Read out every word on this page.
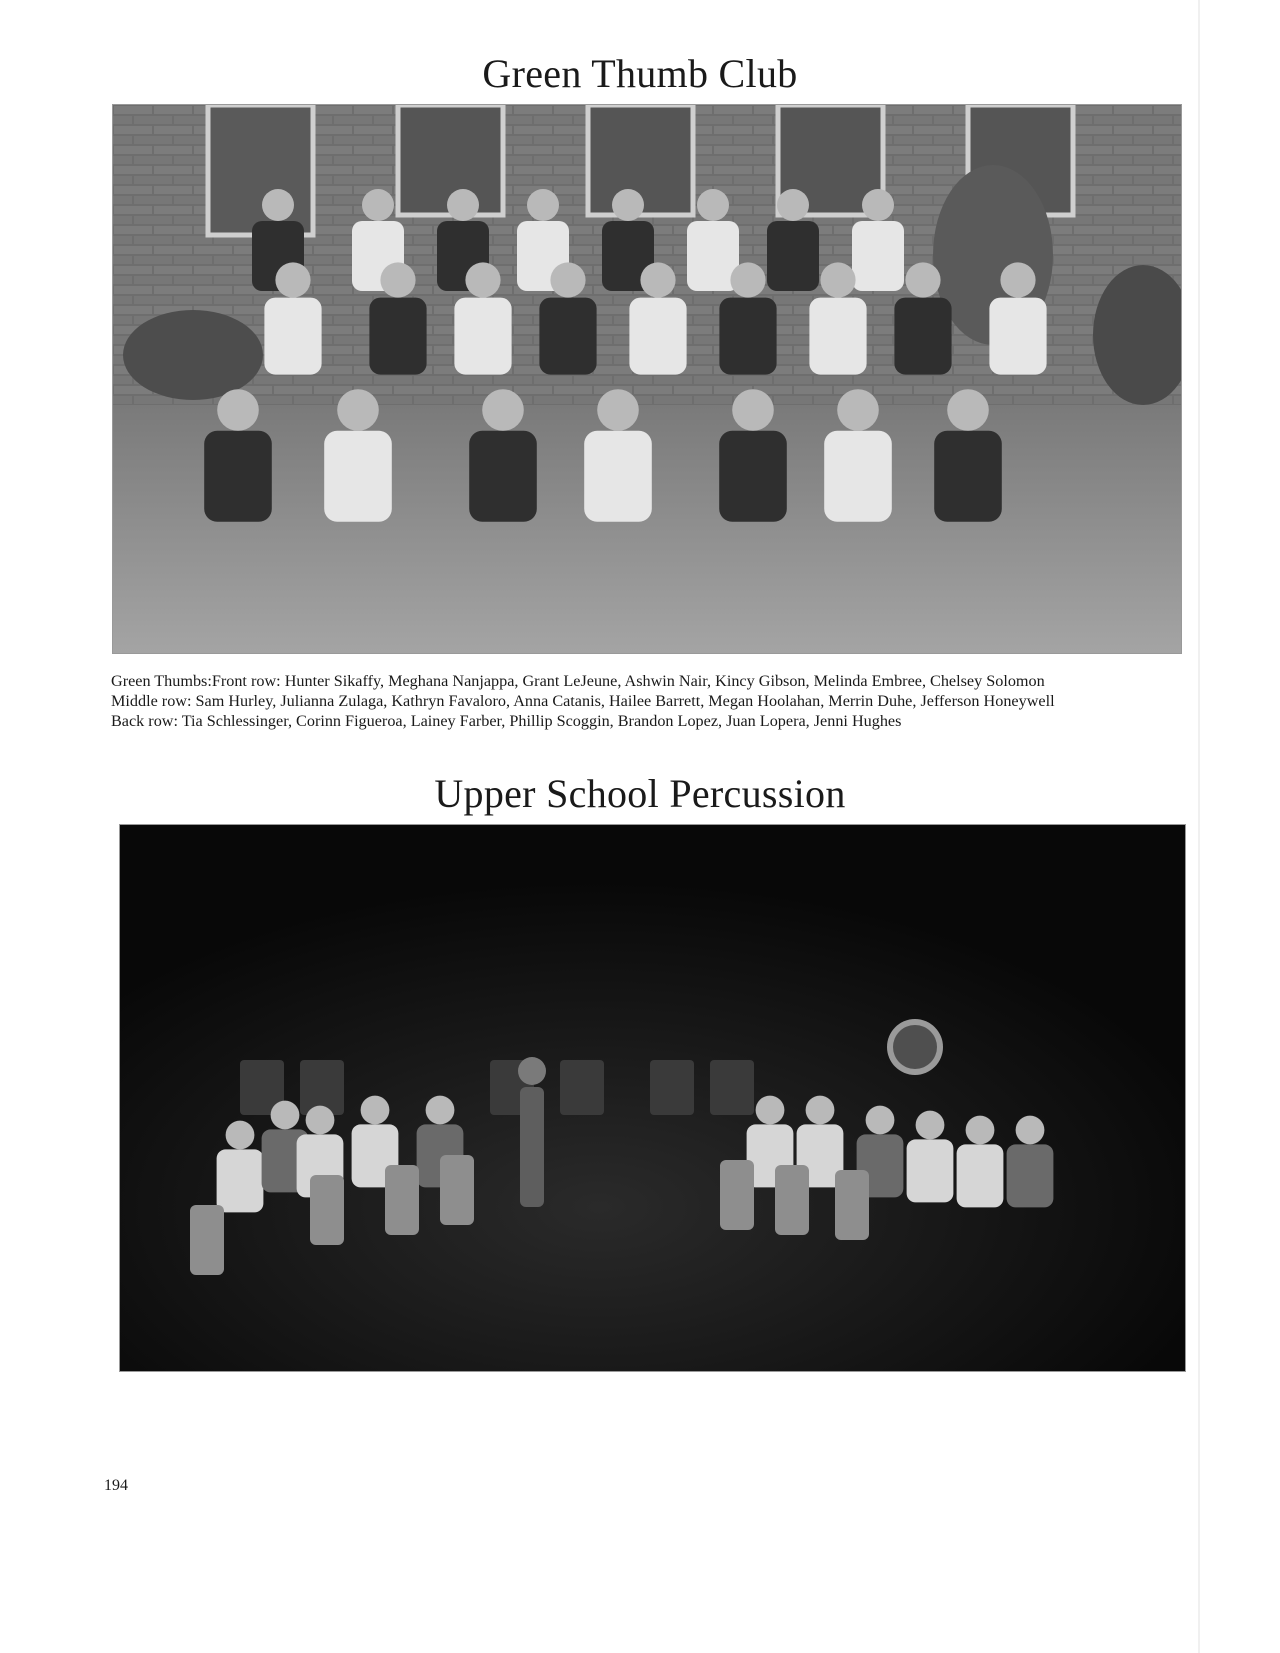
Green Thumb Club
Green Thumbs:Front row: Hunter Sikaffy, Meghana Nanjappa, Grant LeJeune, Ashwin Nair, Kincy Gibson, Melinda Embree, Chelsey Solomon
Middle row: Sam Hurley, Julianna Zulaga, Kathryn Favaloro, Anna Catanis, Hailee Barrett, Megan Hoolahan, Merrin Duhe, Jefferson Honeywell
Back row: Tia Schlessinger, Corinn Figueroa, Lainey Farber, Phillip Scoggin, Brandon Lopez, Juan Lopera, Jenni Hughes
Upper School Percussion
194
